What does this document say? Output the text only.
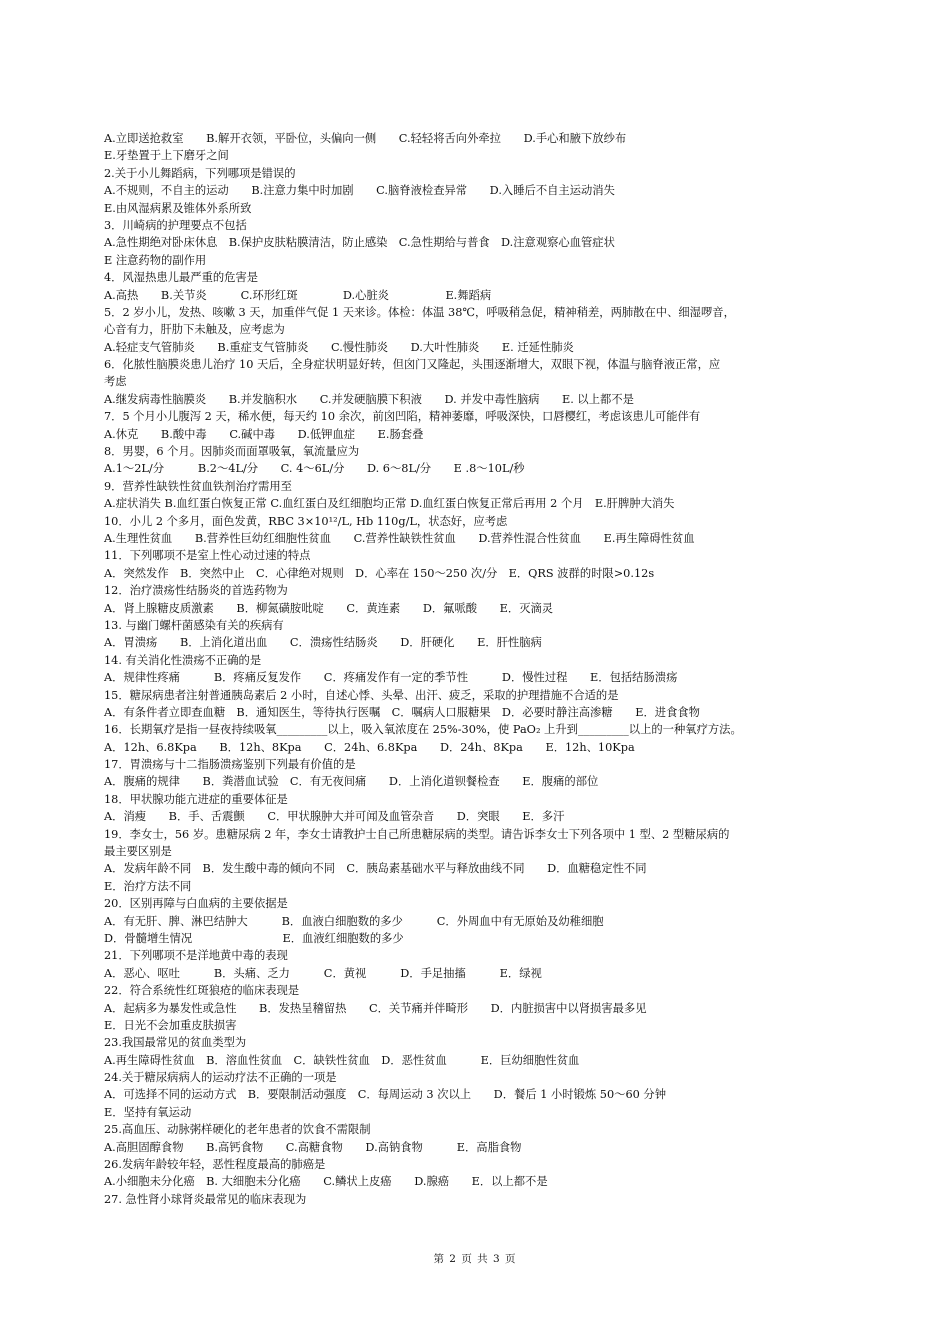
A.立即送抢救室　　B.解开衣领，平卧位，头偏向一侧　　C.轻轻将舌向外牵拉　　D.手心和腋下放纱布
E.牙垫置于上下磨牙之间
2.关于小儿舞蹈病，下列哪项是错误的
A.不规则，不自主的运动　　B.注意力集中时加剧　　C.脑脊液检查异常　　D.入睡后不自主运动消失
E.由风湿病累及锥体外系所致
3．川崎病的护理要点不包括
A.急性期绝对卧床休息　B.保护皮肤粘膜清洁，防止感染　C.急性期给与普食　D.注意观察心血管症状
E 注意药物的副作用
4．风湿热患儿最严重的危害是
A.高热　　B.关节炎　　　C.环形红斑　　　　D.心脏炎　　　　　E.舞蹈病
5．2 岁小儿，发热、咳嗽 3 天，加重伴气促 1 天来诊。体检：体温 38℃，呼吸稍急促，精神稍差，两肺散在中、细湿啰音，
心音有力，肝肋下未触及，应考虑为
A.轻症支气管肺炎　　B.重症支气管肺炎　　C.慢性肺炎　　D.大叶性肺炎　　E. 迁延性肺炎
6．化脓性脑膜炎患儿治疗 10 天后，全身症状明显好转，但囟门又隆起，头围逐渐增大，双眼下视，体温与脑脊液正常，应
考虑
A.继发病毒性脑膜炎　　B.并发脑积水　　C.并发硬脑膜下积液　　D. 并发中毒性脑病　　E. 以上都不是
7．5 个月小儿腹泻 2 天，稀水便，每天约 10 余次，前囟凹陷，精神萎靡，呼吸深快，口唇樱红，考虑该患儿可能伴有
A.休克　　B.酸中毒　　C.碱中毒　　D.低钾血症　　E.肠套叠
8．男婴，6 个月。因肺炎而面罩吸氧，氧流量应为
A.1～2L/分　　　B.2～4L/分　　C. 4～6L/分　　D. 6～8L/分　　E .8～10L/秒
9．营养性缺铁性贫血铁剂治疗需用至
A.症状消失 B.血红蛋白恢复正常 C.血红蛋白及红细胞均正常 D.血红蛋白恢复正常后再用 2 个月　E.肝脾肿大消失
10．小儿 2 个多月，面色发黄，RBC 3×10¹²/L, Hb 110g/L，状态好，应考虑
A.生理性贫血　　B.营养性巨幼红细胞性贫血　　C.营养性缺铁性贫血　　D.营养性混合性贫血　　E.再生障碍性贫血
11．下列哪项不是室上性心动过速的特点
A．突然发作　B．突然中止　C．心律绝对规则　D．心率在 150～250 次/分　E．QRS 波群的时限>0.12s
12．治疗溃疡性结肠炎的首选药物为
A．肾上腺糖皮质激素　　B．柳氮磺胺吡啶　　C．黄连素　　D．氟哌酸　　E．灭滴灵
13. 与幽门螺杆菌感染有关的疾病有
A．胃溃疡　　B．上消化道出血　　C．溃疡性结肠炎　　D．肝硬化　　E．肝性脑病
14. 有关消化性溃疡不正确的是
A．规律性疼痛　　　B．疼痛反复发作　　C．疼痛发作有一定的季节性　　　D．慢性过程　　E．包括结肠溃疡
15．糖尿病患者注射普通胰岛素后 2 小时，自述心悸、头晕、出汗、疲乏，采取的护理措施不合适的是
A．有条件者立即查血糖　B．通知医生，等待执行医嘱　C．嘱病人口服糖果　D．必要时静注高渗糖　　E．进食食物
16．长期氧疗是指一昼夜持续吸氧_________以上，吸入氧浓度在 25%-30%，使 PaO₂ 上升到_________以上的一种氧疗方法。
A．12h、6.8Kpa　　B．12h、8Kpa　　C．24h、6.8Kpa　　D．24h、8Kpa　　E．12h、10Kpa
17．胃溃疡与十二指肠溃疡鉴别下列最有价值的是
A．腹痛的规律　　B．粪潜血试验　C．有无夜间痛　　D．上消化道钡餐检查　　E．腹痛的部位
18．甲状腺功能亢进症的重要体征是
A．消瘦　　B．手、舌震颤　　C．甲状腺肿大并可闻及血管杂音　　D．突眼　　E．多汗
19．李女士，56 岁。患糖尿病 2 年，李女士请教护士自己所患糖尿病的类型。请告诉李女士下列各项中 1 型、2 型糖尿病的
最主要区别是
A．发病年龄不同　B．发生酸中毒的倾向不同　C．胰岛素基础水平与释放曲线不同　　D．血糖稳定性不同
E．治疗方法不同
20．区别再障与白血病的主要依据是
A．有无肝、脾、淋巴结肿大　　　B．血液白细胞数的多少　　　C．外周血中有无原始及幼稚细胞
D．骨髓增生情况　　　　　　　　E．血液红细胞数的多少
21．下列哪项不是洋地黄中毒的表现
A．恶心、呕吐　　　B．头痛、乏力　　　C．黄视　　　D．手足抽搐　　　E．绿视
22．符合系统性红斑狼疮的临床表现是
A．起病多为暴发性或急性　　B．发热呈稽留热　　C．关节痛并伴畸形　　D．内脏损害中以肾损害最多见
E．日光不会加重皮肤损害
23.我国最常见的贫血类型为
A.再生障碍性贫血　B．溶血性贫血　C．缺铁性贫血　D．恶性贫血　　　E．巨幼细胞性贫血
24.关于糖尿病病人的运动疗法不正确的一项是
A．可选择不同的运动方式　B．要限制活动强度　C．每周运动 3 次以上　　D．餐后 1 小时锻炼 50～60 分钟
E．坚持有氧运动
25.高血压、动脉粥样硬化的老年患者的饮食不需限制
A.高胆固醇食物　　B.高钙食物　　C.高糖食物　　D.高钠食物　　　E．高脂食物
26.发病年龄较年轻，恶性程度最高的肺癌是
A.小细胞未分化癌　B. 大细胞未分化癌　　C.鳞状上皮癌　　D.腺癌　　E．以上都不是
27. 急性肾小球肾炎最常见的临床表现为
第 2 页 共 3 页
